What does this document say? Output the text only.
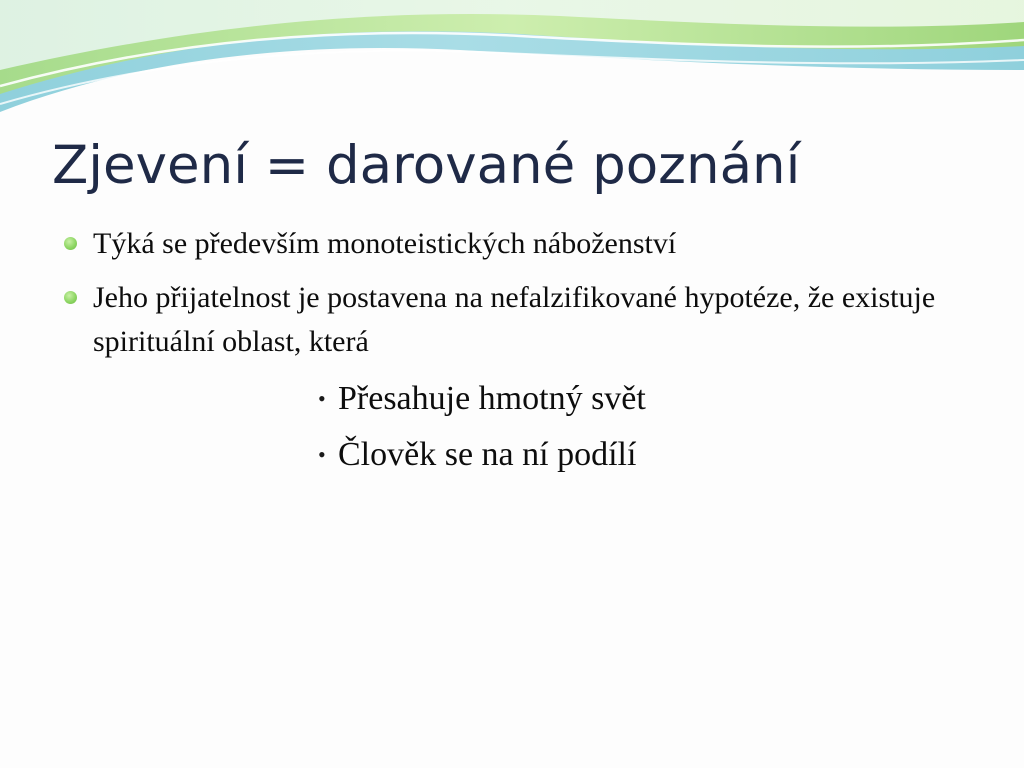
Zjevení = darované poznání
Týká se především monoteistických náboženství
Jeho přijatelnost je postavena na nefalzifikované hypotéze, že existuje spirituální oblast, která
• Přesahuje hmotný svět
• Člověk se na ní podílí
